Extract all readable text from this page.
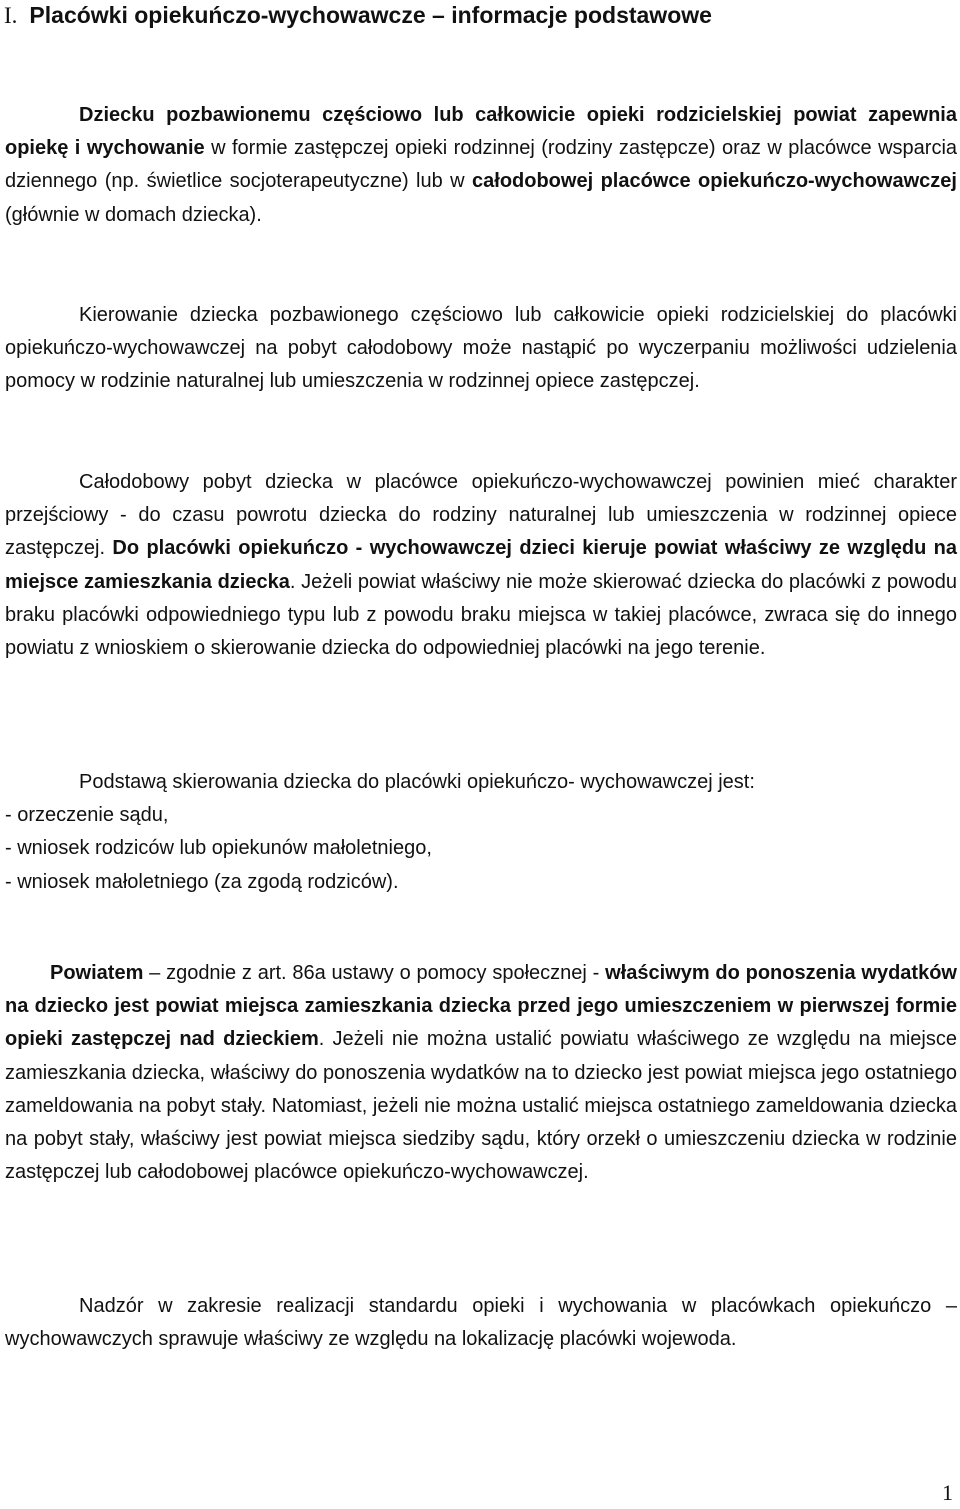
I. Placówki opiekuńczo-wychowawcze – informacje podstawowe

Dziecku pozbawionemu częściowo lub całkowicie opieki rodzicielskiej powiat zapewnia opiekę i wychowanie w formie zastępczej opieki rodzinnej (rodziny zastępcze) oraz w placówce wsparcia dziennego (np. świetlice socjoterapeutyczne) lub w całodobowej placówce opiekuńczo-wychowawczej (głównie w domach dziecka).

Kierowanie dziecka pozbawionego częściowo lub całkowicie opieki rodzicielskiej do placówki opiekuńczo-wychowawczej na pobyt całodobowy może nastąpić po wyczerpaniu możliwości udzielenia pomocy w rodzinie naturalnej lub umieszczenia w rodzinnej opiece zastępczej.

Całodobowy pobyt dziecka w placówce opiekuńczo-wychowawczej powinien mieć charakter przejściowy - do czasu powrotu dziecka do rodziny naturalnej lub umieszczenia w rodzinnej opiece zastępczej. Do placówki opiekuńczo - wychowawczej dzieci kieruje powiat właściwy ze względu na miejsce zamieszkania dziecka. Jeżeli powiat właściwy nie może skierować dziecka do placówki z powodu braku placówki odpowiedniego typu lub z powodu braku miejsca w takiej placówce, zwraca się do innego powiatu z wnioskiem o skierowanie dziecka do odpowiedniej placówki na jego terenie.

Podstawą skierowania dziecka do placówki opiekuńczo- wychowawczej jest:
- orzeczenie sądu,
- wniosek rodziców lub opiekunów małoletniego,
- wniosek małoletniego (za zgodą rodziców).

Powiatem – zgodnie z art. 86a ustawy o pomocy społecznej - właściwym do ponoszenia wydatków na dziecko jest powiat miejsca zamieszkania dziecka przed jego umieszczeniem w pierwszej formie opieki zastępczej nad dzieckiem. Jeżeli nie można ustalić powiatu właściwego ze względu na miejsce zamieszkania dziecka, właściwy do ponoszenia wydatków na to dziecko jest powiat miejsca jego ostatniego zameldowania na pobyt stały. Natomiast, jeżeli nie można ustalić miejsca ostatniego zameldowania dziecka na pobyt stały, właściwy jest powiat miejsca siedziby sądu, który orzekł o umieszczeniu dziecka w rodzinie zastępczej lub całodobowej placówce opiekuńczo-wychowawczej.

Nadzór w zakresie realizacji standardu opieki i wychowania w placówkach opiekuńczo – wychowawczych sprawuje właściwy ze względu na lokalizację placówki wojewoda.

1
